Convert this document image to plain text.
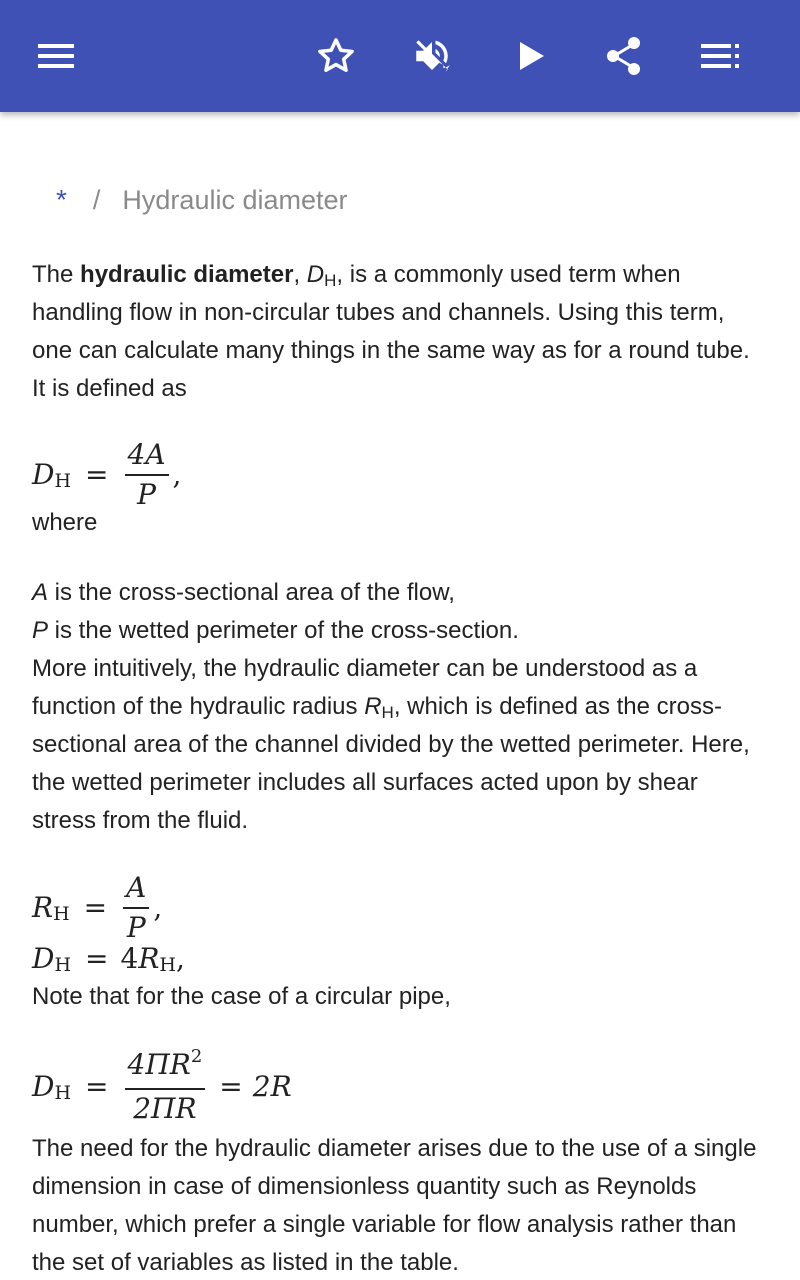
* / Hydraulic diameter

The hydraulic diameter, $D_H$, is a commonly used term when handling flow in non-circular tubes and channels. Using this term, one can calculate many things in the same way as for a round tube. It is defined as

D $H = \frac{4A}{P}$ ,

where

A is the cross-sectional area of the flow,

P is the wetted perimeter of the cross-section.

More intuitively, the hydraulic diameter can be understood as a function of the hydraulic radius $R_H$, which is defined as the cross-sectional area of the channel divided by the wetted perimeter. Here, the wetted perimeter includes all surfaces acted upon by shear stress from the fluid.

R $H = \frac{A}{P}$ ,
D H = 4 R H ,

Note that for the case of a circular pipe,

D $H = \frac{4\Pi R^2}{2\Pi R} = 2R$

The need for the hydraulic diameter arises due to the use of a single dimension in case of dimensionless quantity such as Reynolds number, which prefer a single variable for flow analysis rather than the set of variables as listed in the table.
